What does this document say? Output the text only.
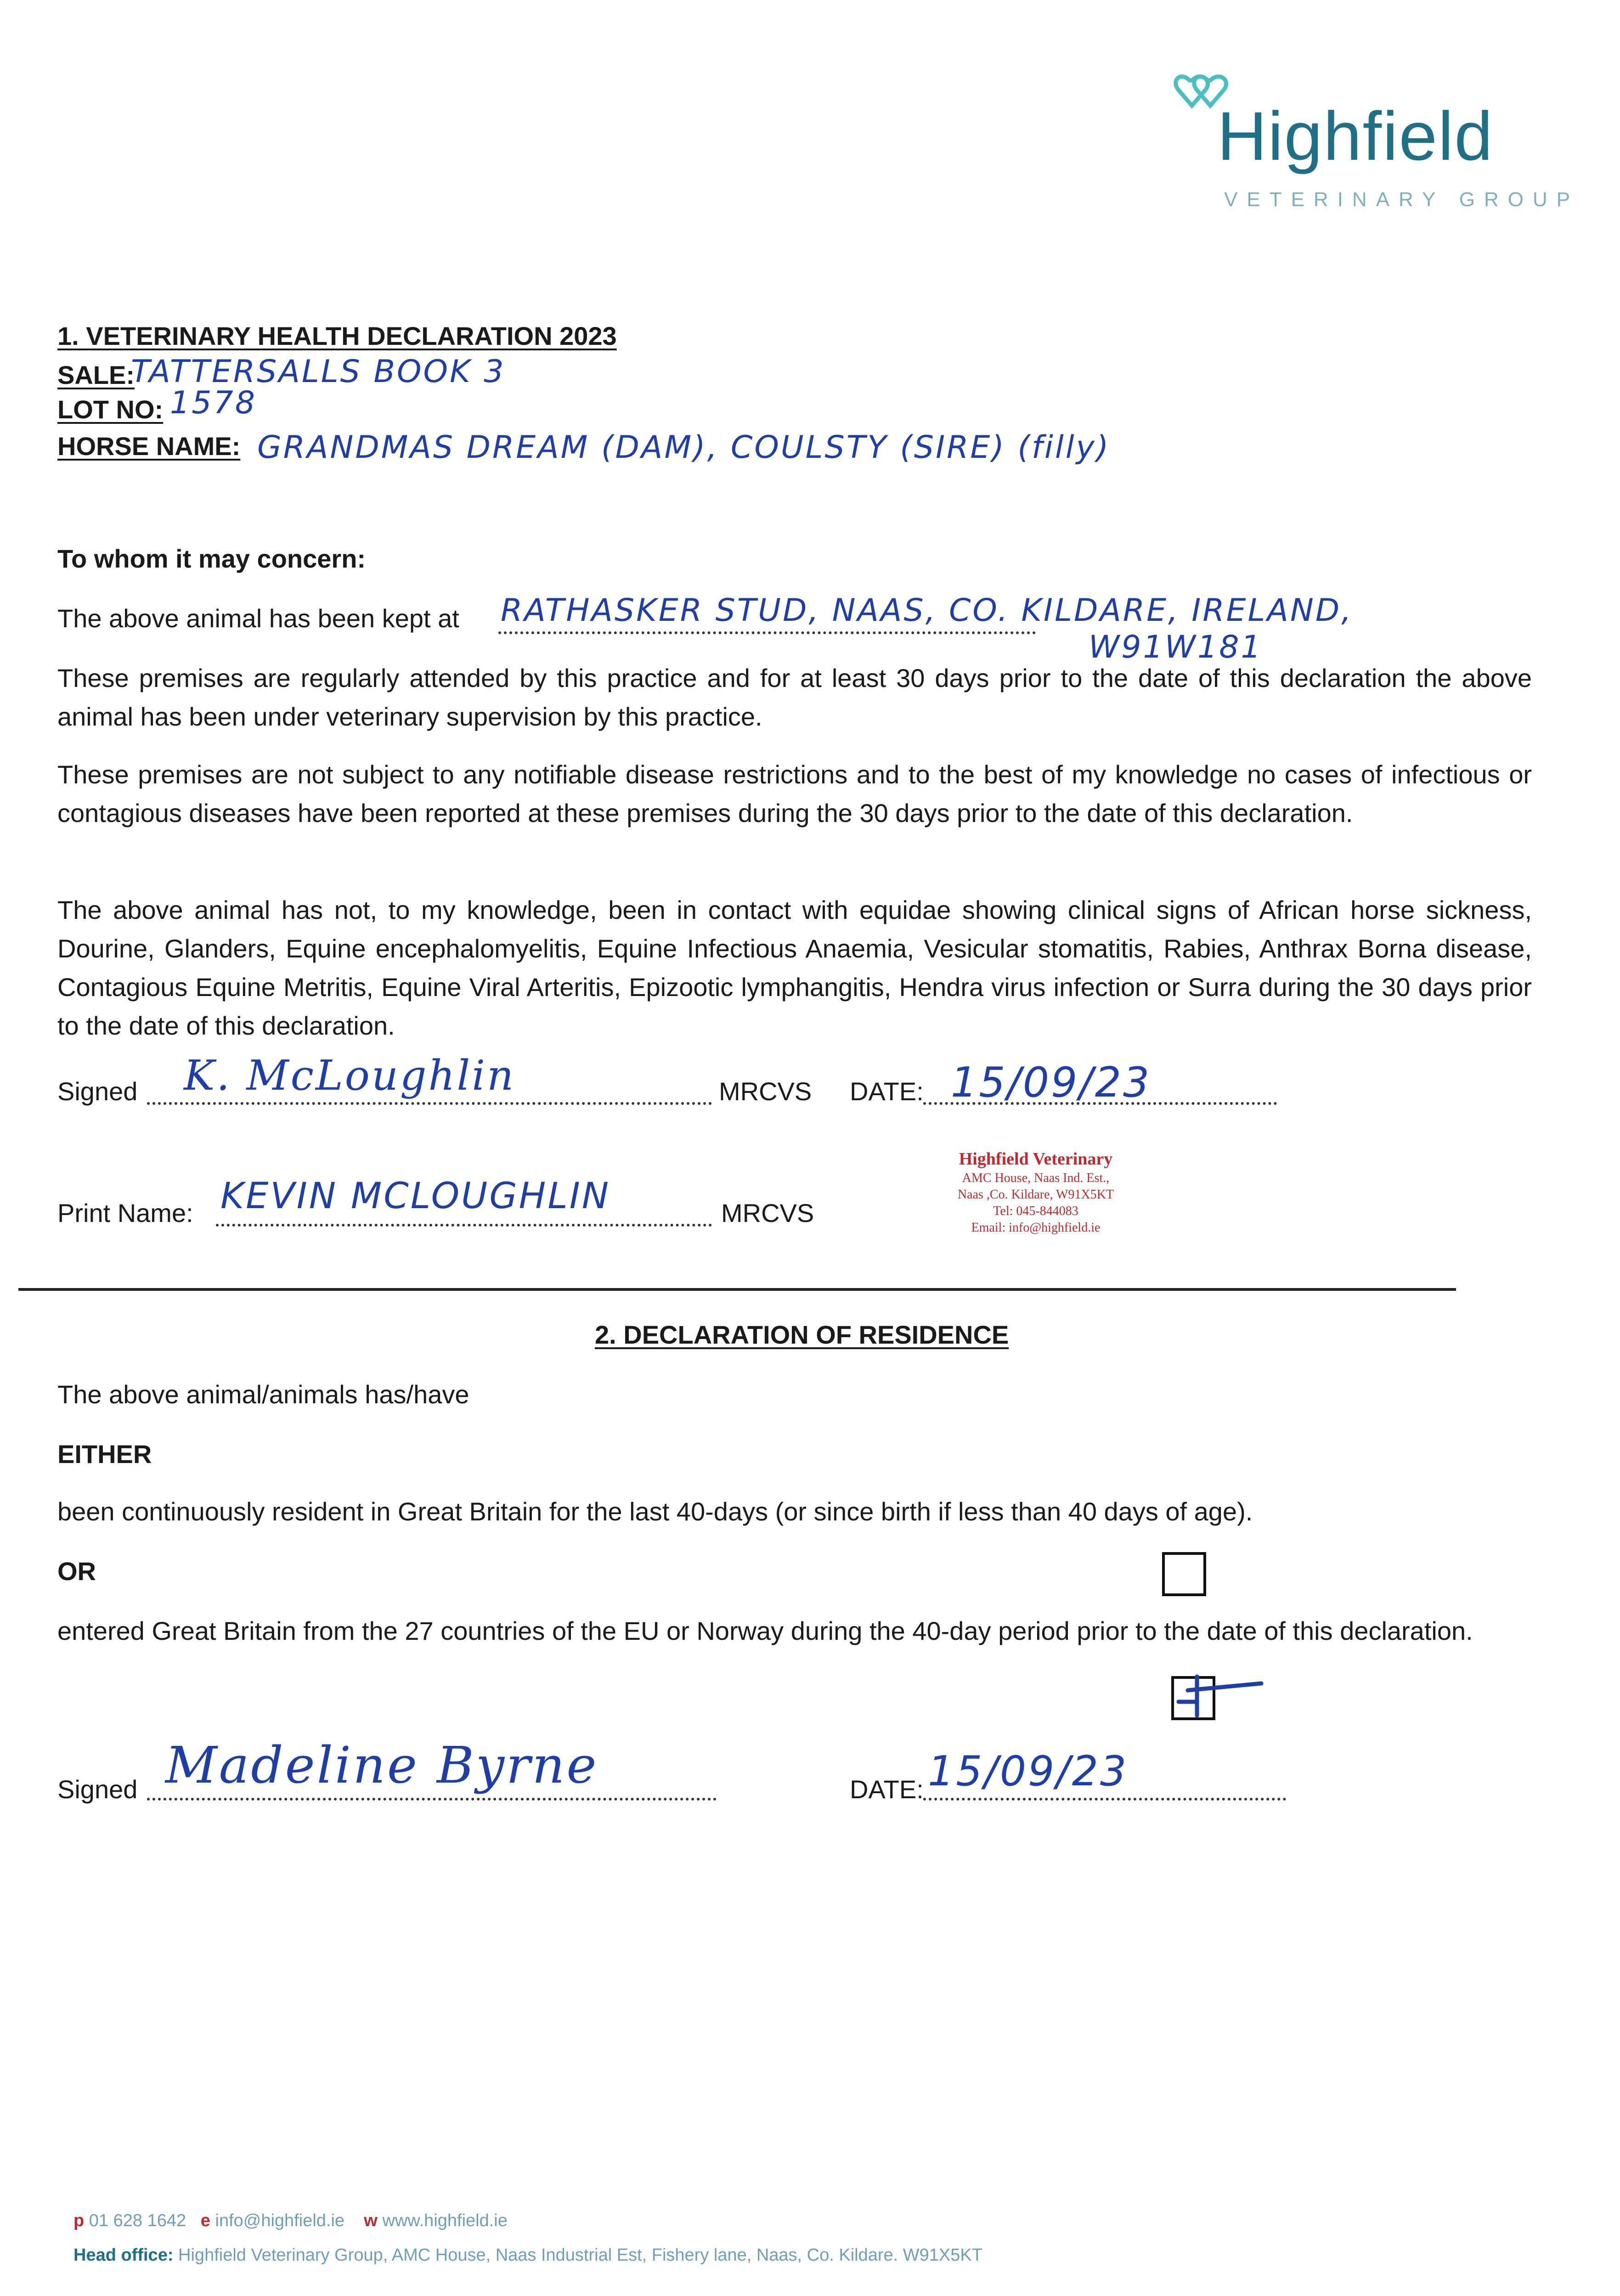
Highfield
VETERINARY GROUP
1. VETERINARY HEALTH DECLARATION 2023
SALE:
TATTERSALLS BOOK 3
LOT NO: 1578
HORSE NAME: GRANDMAS DREAM (DAM), COULSTY (SIRE) (filly)
To whom it may concern:
The above animal has been kept at RATHASKER STUD, NAAS, CO. KILDARE, IRELAND,
W91W181
These premises are regularly attended by this practice and for at least 30 days prior to the date of this declaration the above animal has been under veterinary supervision by this practice.
These premises are not subject to any notifiable disease restrictions and to the best of my knowledge no cases of infectious or contagious diseases have been reported at these premises during the 30 days prior to the date of this declaration.
The above animal has not, to my knowledge, been in contact with equidae showing clinical signs of African horse sickness, Dourine, Glanders, Equine encephalomyelitis, Equine Infectious Anaemia, Vesicular stomatitis, Rabies, Anthrax Borna disease, Contagious Equine Metritis, Equine Viral Arteritis, Epizootic lymphangitis, Hendra virus infection or Surra during the 30 days prior to the date of this declaration.
Signed K. McLoughlin	MRCVS DATE: 15/09/23
Print Name: KEVIN MCLOUGHLIN	MRCVS
Highfield Veterinary
AMC House, Naas Ind. Est.,
Naas ,Co. Kildare, W91X5KT
Tel: 045-844083
Email: info@highfield.ie
2. DECLARATION OF RESIDENCE
The above animal/animals has/have
EITHER
been continuously resident in Great Britain for the last 40-days (or since birth if less than 40 days of age).
OR
entered Great Britain from the 27 countries of the EU or Norway during the 40-day period prior to the date of this declaration.
Signed Madeline Byrne	DATE: 15/09/23
p 01 628 1642 e info@highfield.ie w www.highfield.ie
Head office: Highfield Veterinary Group, AMC House, Naas Industrial Est, Fishery lane, Naas, Co. Kildare. W91X5KT
